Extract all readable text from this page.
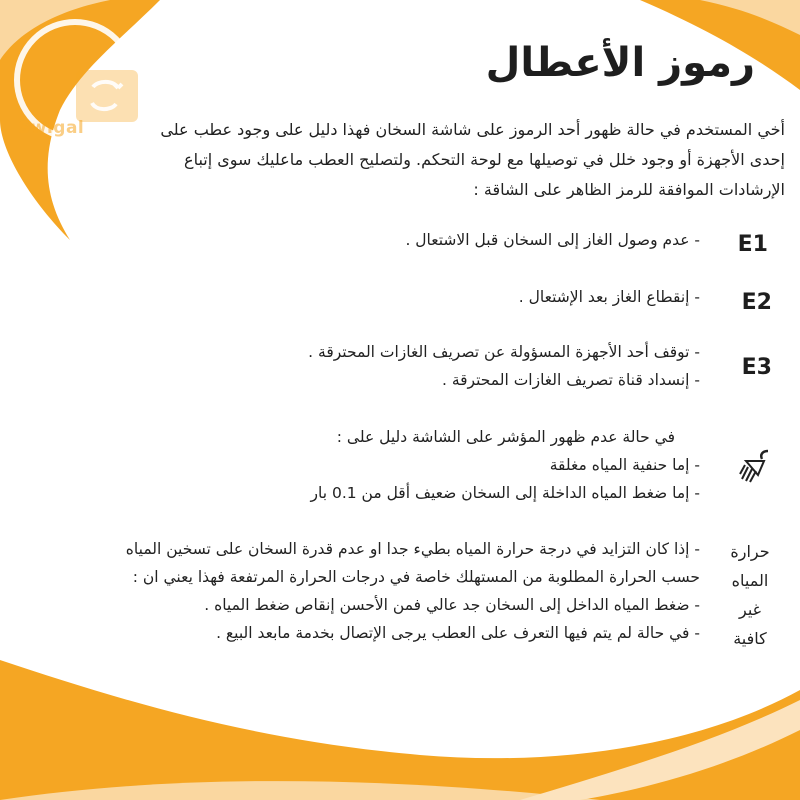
Swigal
رموز الأعطال
أخي المستخدم في حالة ظهور أحد الرموز على شاشة السخان فهذا دليل على وجود عطب على
إحدى الأجهزة أو وجود خلل في توصيلها مع لوحة التحكم. ولتصليح العطب ماعليك سوى إتباع
الإرشادات الموافقة للرمز الظاهر على الشاقة :
E1
- عدم وصول الغاز إلى السخان قبل الاشتعال .
E2
- إنقطاع الغاز بعد الإشتعال .
E3
- توقف أحد الأجهزة المسؤولة عن تصريف الغازات المحترقة .
- إنسداد قناة تصريف الغازات المحترقة .
في حالة عدم ظهور المؤشر على الشاشة دليل على :
- إما حنفية المياه مغلقة
- إما ضغط المياه الداخلة إلى السخان ضعيف أقل من 0.1 بار
حرارة
المياه
غير
كافية
- إذا كان التزايد في درجة حرارة المياه بطيء جدا او عدم قدرة السخان على تسخين المياه
حسب الحرارة المطلوبة من المستهلك خاصة في درجات الحرارة المرتفعة فهذا يعني ان :
- ضغط المياه الداخل إلى السخان جد عالي فمن الأحسن إنقاص ضغط المياه .
- في حالة لم يتم فيها التعرف على العطب يرجى الإتصال بخدمة مابعد البيع .
